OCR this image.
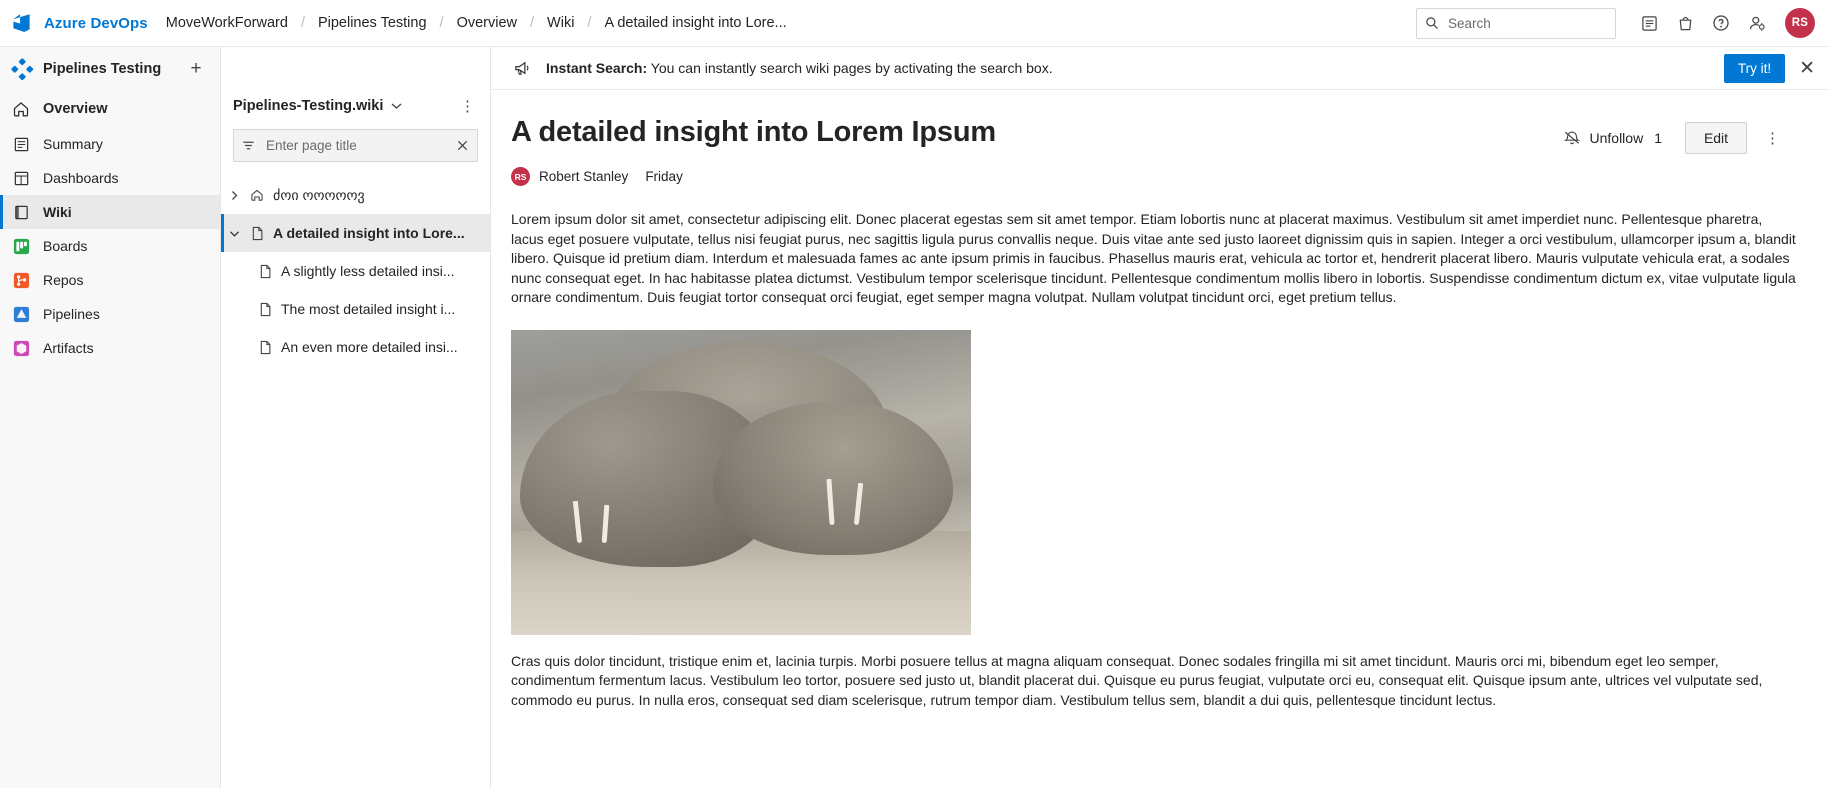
Azure DevOps MoveWorkForward / Pipelines Testing / Overview / Wiki / A detailed insight into Lore...
Search	RS
Pipelines Testing	+
Overview
Summary
Dashboards
Wiki
Boards
Repos
Pipelines
Artifacts
Pipelines-Testing.wiki	⋮
Enter page title
ძოი ოოოოოვ
A detailed insight into Lore...
A slightly less detailed insi...
The most detailed insight i...
An even more detailed insi...
Instant Search: You can instantly search wiki pages by activating the search box.	Try it!	✕
A detailed insight into Lorem Ipsum	Unfollow 1	Edit	⋮
RS Robert Stanley Friday
Lorem ipsum dolor sit amet, consectetur adipiscing elit. Donec placerat egestas sem sit amet tempor. Etiam lobortis nunc at placerat maximus. Vestibulum sit amet imperdiet nunc. Pellentesque pharetra, lacus eget posuere vulputate, tellus nisi feugiat purus, nec sagittis ligula purus convallis neque. Duis vitae ante sed justo laoreet dignissim quis in sapien. Integer a orci vestibulum, ullamcorper ipsum a, blandit libero. Quisque id pretium diam. Interdum et malesuada fames ac ante ipsum primis in faucibus. Phasellus mauris erat, vehicula ac tortor et, hendrerit placerat libero. Mauris vulputate vehicula erat, a sodales nunc consequat eget. In hac habitasse platea dictumst. Vestibulum tempor scelerisque tincidunt. Pellentesque condimentum mollis libero in lobortis. Suspendisse condimentum dictum ex, vitae vulputate ligula ornare condimentum. Duis feugiat tortor consequat orci feugiat, eget semper magna volutpat. Nullam volutpat tincidunt orci, eget pretium tellus.
Cras quis dolor tincidunt, tristique enim et, lacinia turpis. Morbi posuere tellus at magna aliquam consequat. Donec sodales fringilla mi sit amet tincidunt. Mauris orci mi, bibendum eget leo semper, condimentum fermentum lacus. Vestibulum leo tortor, posuere sed justo ut, blandit placerat dui. Quisque eu purus feugiat, vulputate orci eu, consequat elit. Quisque ipsum ante, ultrices vel vulputate sed, commodo eu purus. In nulla eros, consequat sed diam scelerisque, rutrum tempor diam. Vestibulum tellus sem, blandit a dui quis, pellentesque tincidunt lectus.
